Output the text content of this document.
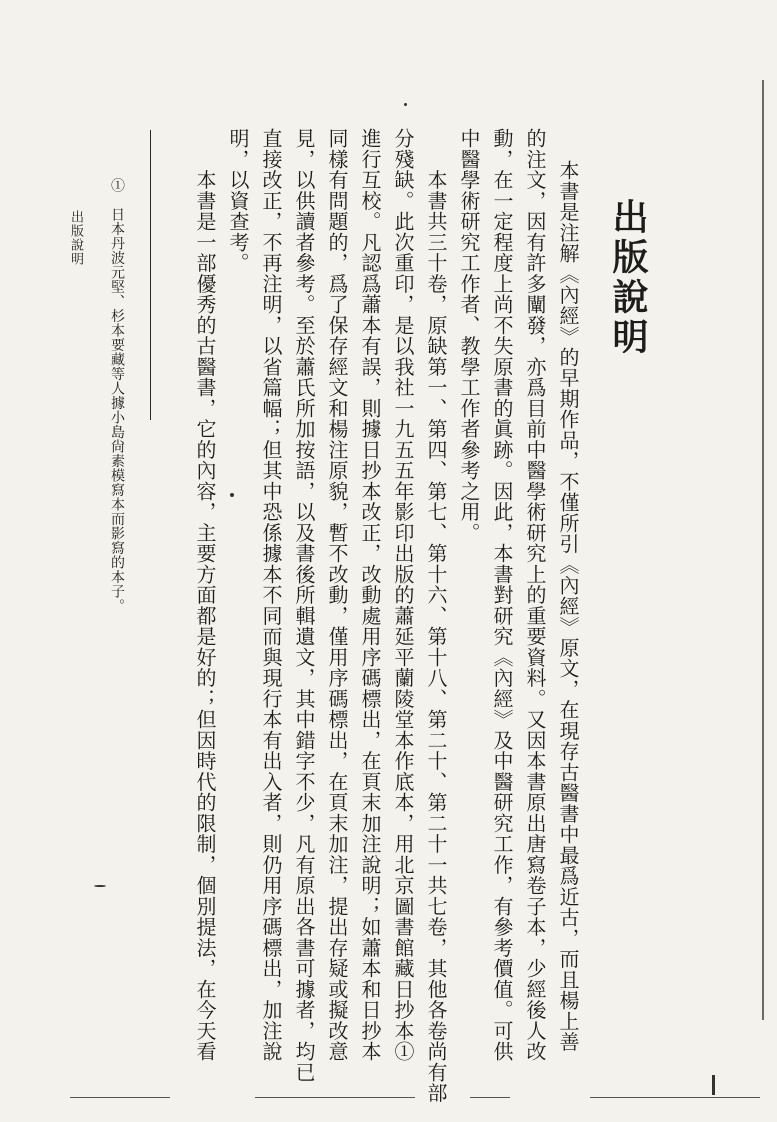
出版說明
本書是注解《內經》的早期作品，不僅所引《內經》原文，在現存古醫書中最爲近古，而且楊上善
的注文，因有許多闡發，亦爲目前中醫學術研究上的重要資料。又因本書原出唐寫卷子本，少經後人改
動，在一定程度上尚不失原書的眞跡。因此，本書對研究《內經》及中醫研究工作，有參考價值。可供
中醫學術研究工作者、教學工作者參考之用。
　　本書共三十卷，原缺第一、第四、第七、第十六、第十八、第二十、第二十一共七卷，其他各卷尚有部
分殘缺。此次重印，是以我社一九五五年影印出版的蕭延平蘭陵堂本作底本，用北京圖書館藏日抄本①
進行互校。凡認爲蕭本有誤，則據日抄本改正，改動處用序碼標出，在頁末加注說明；如蕭本和日抄本
同樣有問題的，爲了保存經文和楊注原貌，暫不改動，僅用序碼標出，在頁末加注，提出存疑或擬改意
見，以供讀者參考。至於蕭氏所加按語，以及書後所輯遺文，其中錯字不少，凡有原出各書可據者，均已
直接改正，不再注明，以省篇幅；但其中恐係據本不同而與現行本有出入者，則仍用序碼標出，加注說
明，以資查考。
　　本書是一部優秀的古醫書，它的內容，主要方面都是好的；但因時代的限制，個別提法，在今天看
①　日本丹波元堅、杉本要藏等人據小島尙素模寫本而影寫的本子。
出版說明
